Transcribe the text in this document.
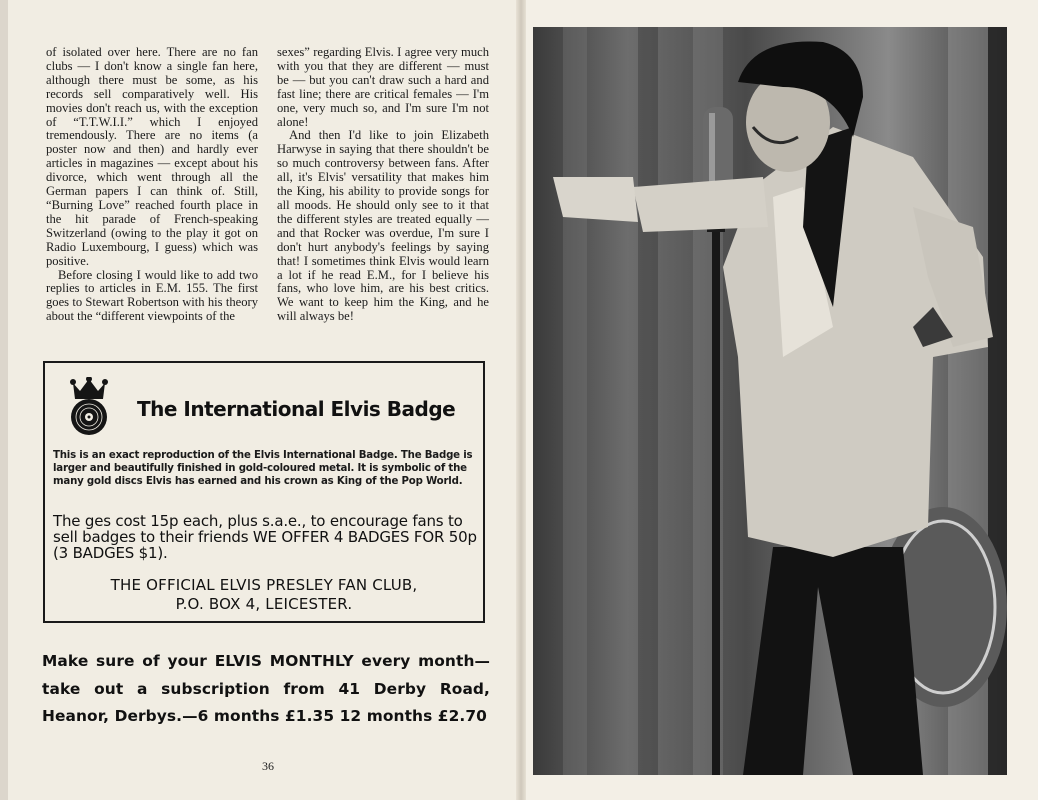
of isolated over here. There are no fan clubs — I don't know a single fan here, although there must be some, as his records sell comparatively well. His movies don't reach us, with the exception of “T.T.W.I.I.” which I enjoyed tremendously. There are no items (a poster now and then) and hardly ever articles in magazines — except about his divorce, which went through all the German papers I can think of. Still, “Burning Love” reached fourth place in the hit parade of French-speaking Switzerland (owing to the play it got on Radio Luxembourg, I guess) which was positive.

Before closing I would like to add two replies to articles in E.M. 155. The first goes to Stewart Robertson with his theory about the “different viewpoints of the

sexes” regarding Elvis. I agree very much with you that they are different — must be — but you can't draw such a hard and fast line; there are critical females — I'm one, very much so, and I'm sure I'm not alone!

And then I'd like to join Elizabeth Harwyse in saying that there shouldn't be so much controversy between fans. After all, it's Elvis' versatility that makes him the King, his ability to provide songs for all moods. He should only see to it that the different styles are treated equally — and that Rocker was overdue, I'm sure I don't hurt anybody's feelings by saying that! I sometimes think Elvis would learn a lot if he read E.M., for I believe his fans, who love him, are his best critics. We want to keep him the King, and he will always be!

The International Elvis Badge
This is an exact reproduction of the Elvis International Badge. The Badge is larger and beautifully finished in gold-coloured metal. It is symbolic of the many gold discs Elvis has earned and his crown as King of the Pop World.
The ges cost 15p each, plus s.a.e., to encourage fans to sell badges to their friends WE OFFER 4 BADGES FOR 50p (3 BADGES $1).
THE OFFICIAL ELVIS PRESLEY FAN CLUB,
P.O. BOX 4, LEICESTER.
Make sure of your ELVIS MONTHLY every month—take out a subscription from 41 Derby Road, Heanor, Derbys.—6 months £1.35 12 months £2.70
36
